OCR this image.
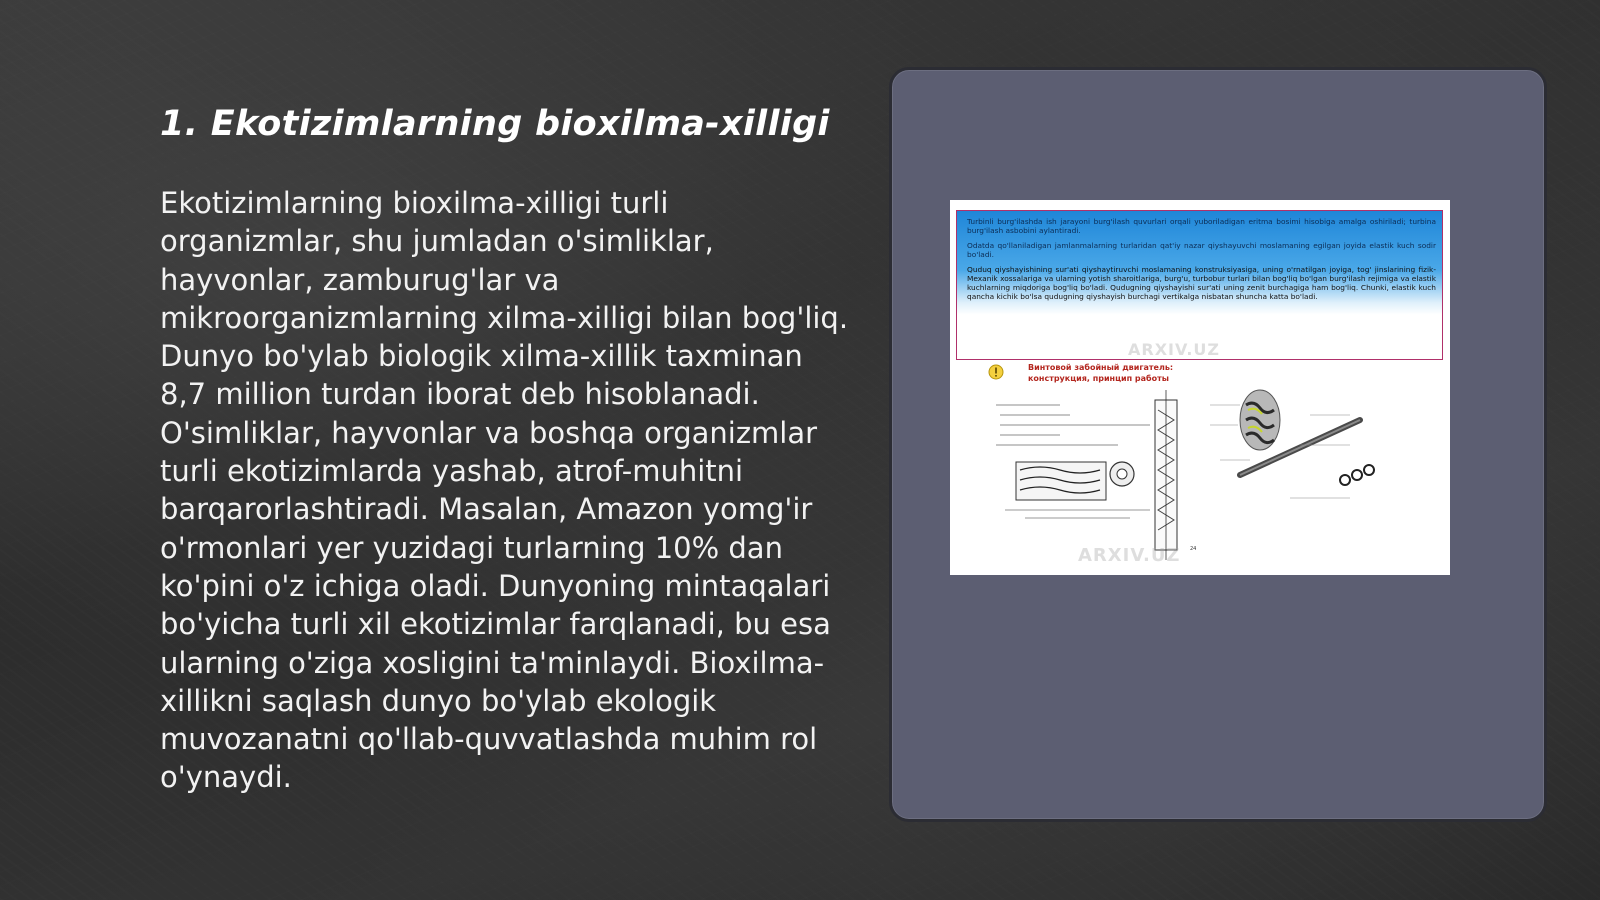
1. Ekotizimlarning bioxilma-xilligi

Ekotizimlarning bioxilma-xilligi turli organizmlar, shu jumladan o'simliklar, hayvonlar, zamburug'lar va mikroorganizmlarning xilma-xilligi bilan bog'liq. Dunyo bo'ylab biologik xilma-xillik taxminan 8,7 million turdan iborat deb hisoblanadi. O'simliklar, hayvonlar va boshqa organizmlar turli ekotizimlarda yashab, atrof-muhitni barqarorlashtiradi. Masalan, Amazon yomg'ir o'rmonlari yer yuzidagi turlarning 10% dan ko'pini o'z ichiga oladi. Dunyoning mintaqalari bo'yicha turli xil ekotizimlar farqlanadi, bu esa ularning o'ziga xosligini ta'minlaydi. Bioxilma-xillikni saqlash dunyo bo'ylab ekologik muvozanatni qo'llab-quvvatlashda muhim rol o'ynaydi.

Turbinli burg'ilashda ish jarayoni burg'ilash quvurlari orqali yuboriladigan eritma bosimi hisobiga amalga oshiriladi; turbina burg'ilash asbobini aylantiradi.

Odatda qo'llaniladigan jamlanmalarning turlaridan qat'iy nazar qiyshayuvchi moslamaning egilgan joyida elastik kuch sodir bo'ladi.

Quduq qiyshayishining sur'ati qiyshaytiruvchi moslamaning konstruksiyasiga, uning o'rnatilgan joyiga, tog' jinslarining fizik-Mexanik xossalariga va ularning yotish sharoitlariga, burg'u, turbobur turlari bilan bog'liq bo'lgan burg'ilash rejimiga va elastik kuchlarning miqdoriga bog'liq bo'ladi. Qudugning qiyshayishi sur'ati uning zenit burchagiga ham bog'liq. Chunki, elastik kuch qancha kichik bo'lsa qudugning qiyshayish burchagi vertikalga nisbatan shuncha katta bo'ladi.

Винтовой забойный двигатель:
конструкция, принцип работы

24

ARXIV.UZ

ARXIV.UZ
